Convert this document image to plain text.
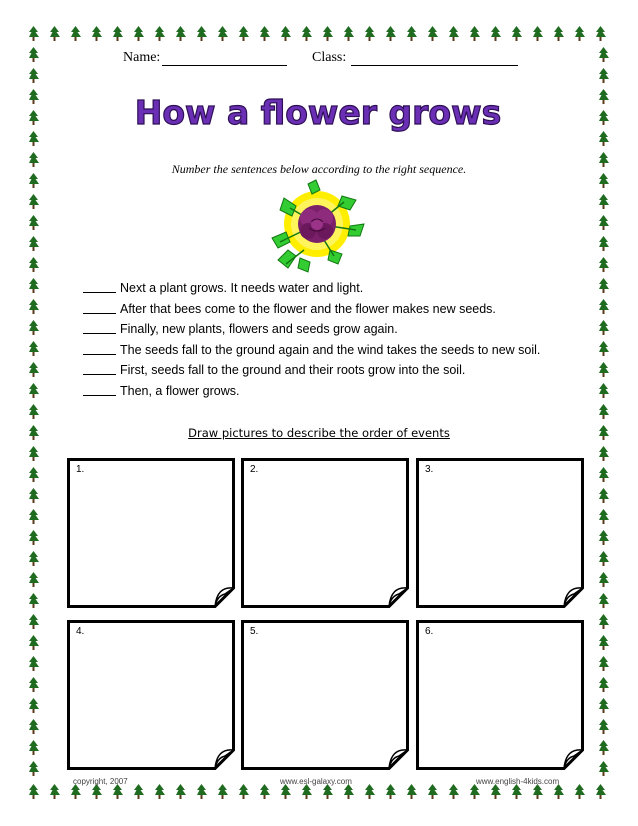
Name:	Class:
How a flower grows
Number the sentences below according to the right sequence.
Next a plant grows. It needs water and light.
After that bees come to the flower and the flower makes new seeds.
Finally, new plants, flowers and seeds grow again.
The seeds fall to the ground again and the wind takes the seeds to new soil.
First, seeds fall to the ground and their roots grow into the soil.
Then, a flower grows.
Draw pictures to describe the order of events
1.	2.	3.
4.	5.	6.
copyright, 2007	www.esl-galaxy.com	www.english-4kids.com
